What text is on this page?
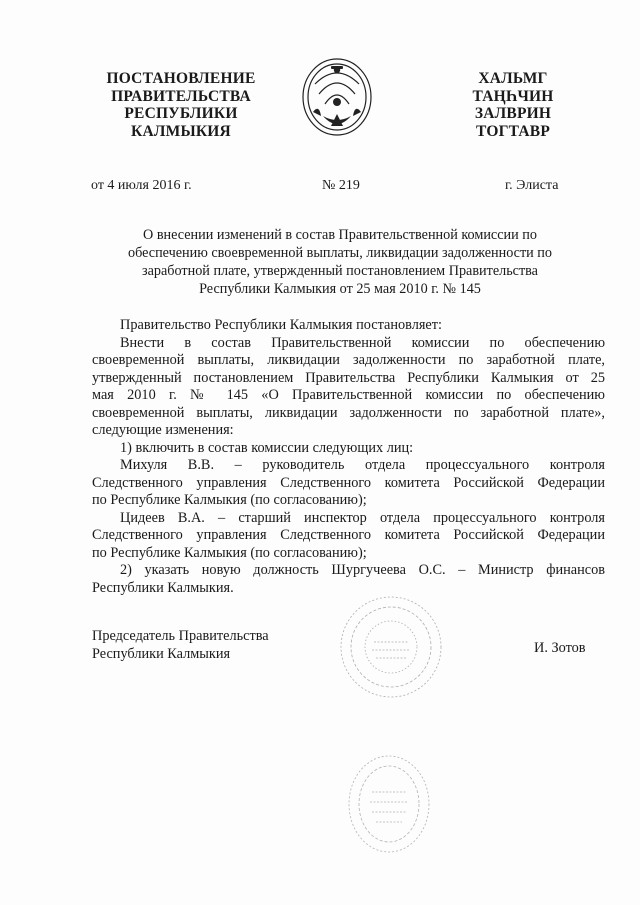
ПОСТАНОВЛЕНИЕ
ПРАВИТЕЛЬСТВА
РЕСПУБЛИКИ
КАЛМЫКИЯ
ХАЛЬМГ
ТАҢҺЧИН
ЗАЛВРИН
ТОГТАВР
от 4 июля 2016 г.	№ 219	г. Элиста
О внесении изменений в состав Правительственной комиссии по
обеспечению своевременной выплаты, ликвидации задолженности по
заработной плате, утвержденный постановлением Правительства
Республики Калмыкия от 25 мая 2010 г. № 145

Правительство Республики Калмыкия постановляет:

Внести в состав Правительственной комиссии по обеспечению
своевременной выплаты, ликвидации задолженности по заработной плате,
утвержденный постановлением Правительства Республики Калмыкия от 25
мая 2010 г. № 145 «О Правительственной комиссии по обеспечению
своевременной выплаты, ликвидации задолженности по заработной плате»,
следующие изменения:

1) включить в состав комиссии следующих лиц:

Михуля В.В. – руководитель отдела процессуального контроля
Следственного управления Следственного комитета Российской Федерации
по Республике Калмыкия (по согласованию);

Цидеев В.А. – старший инспектор отдела процессуального контроля
Следственного управления Следственного комитета Российской Федерации
по Республике Калмыкия (по согласованию);

2) указать новую должность Шургучеева О.С. – Министр финансов
Республики Калмыкия.

Председатель Правительства
Республики Калмыкия	И. Зотов
